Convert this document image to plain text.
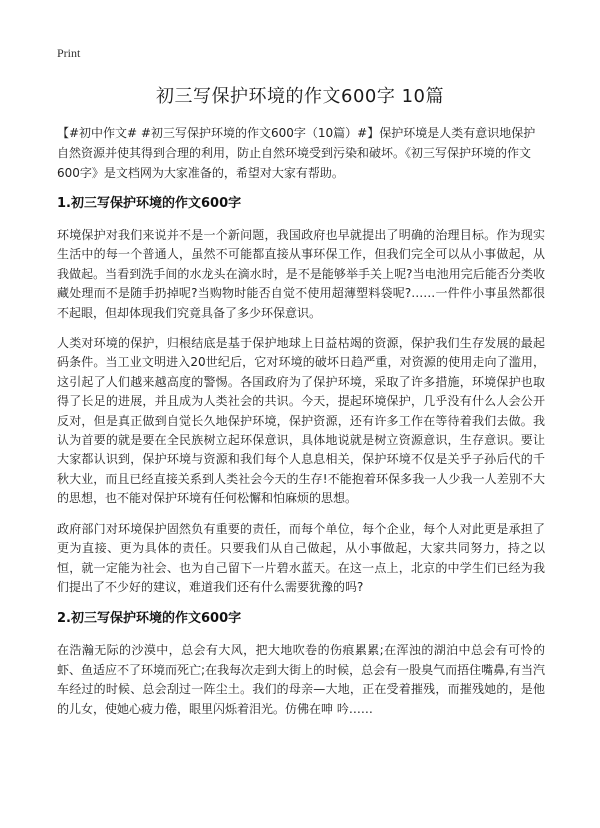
Print
初三写保护环境的作文600字 10篇

【#初中作文# #初三写保护环境的作文600字（10篇）#】保护环境是人类有意识地保护自然资源并使其得到合理的利用，防止自然环境受到污染和破坏。《初三写保护环境的作文600字》是文档网为大家准备的，希望对大家有帮助。

1.初三写保护环境的作文600字

环境保护对我们来说并不是一个新问题，我国政府也早就提出了明确的治理目标。作为现实生活中的每一个普通人，虽然不可能都直接从事环保工作，但我们完全可以从小事做起，从我做起。当看到洗手间的水龙头在滴水时，是不是能够举手关上呢?当电池用完后能否分类收藏处理而不是随手扔掉呢?当购物时能否自觉不使用超薄塑料袋呢?……一件件小事虽然都很不起眼，但却体现我们究竟具备了多少环保意识。

人类对环境的保护，归根结底是基于保护地球上日益枯竭的资源，保护我们生存发展的最起码条件。当工业文明进入20世纪后，它对环境的破坏日趋严重，对资源的使用走向了滥用，这引起了人们越来越高度的警惕。各国政府为了保护环境，采取了许多措施，环境保护也取得了长足的进展，并且成为人类社会的共识。今天，提起环境保护，几乎没有什么人会公开反对，但是真正做到自觉长久地保护环境，保护资源，还有许多工作在等待着我们去做。我认为首要的就是要在全民族树立起环保意识，具体地说就是树立资源意识，生存意识。要让大家都认识到，保护环境与资源和我们每个人息息相关，保护环境不仅是关乎子孙后代的千秋大业，而且已经直接关系到人类社会今天的生存!不能抱着环保多我一人少我一人差别不大的思想，也不能对保护环境有任何松懈和怕麻烦的思想。

政府部门对环境保护固然负有重要的责任，而每个单位，每个企业，每个人对此更是承担了更为直接、更为具体的责任。只要我们从自己做起，从小事做起，大家共同努力，持之以恒，就一定能为社会、也为自己留下一片碧水蓝天。在这一点上，北京的中学生们已经为我们提出了不少好的建议，难道我们还有什么需要犹豫的吗?

2.初三写保护环境的作文600字

在浩瀚无际的沙漠中，总会有大风，把大地吹卷的伤痕累累;在浑浊的湖泊中总会有可怜的虾、鱼适应不了环境而死亡;在我每次走到大街上的时候，总会有一股臭气而捂住嘴鼻,有当汽车经过的时候、总会刮过一阵尘土。我们的母亲—大地，正在受着摧残，而摧残她的，是他的儿女，使她心疲力倦，眼里闪烁着泪光。仿佛在呻 吟……
